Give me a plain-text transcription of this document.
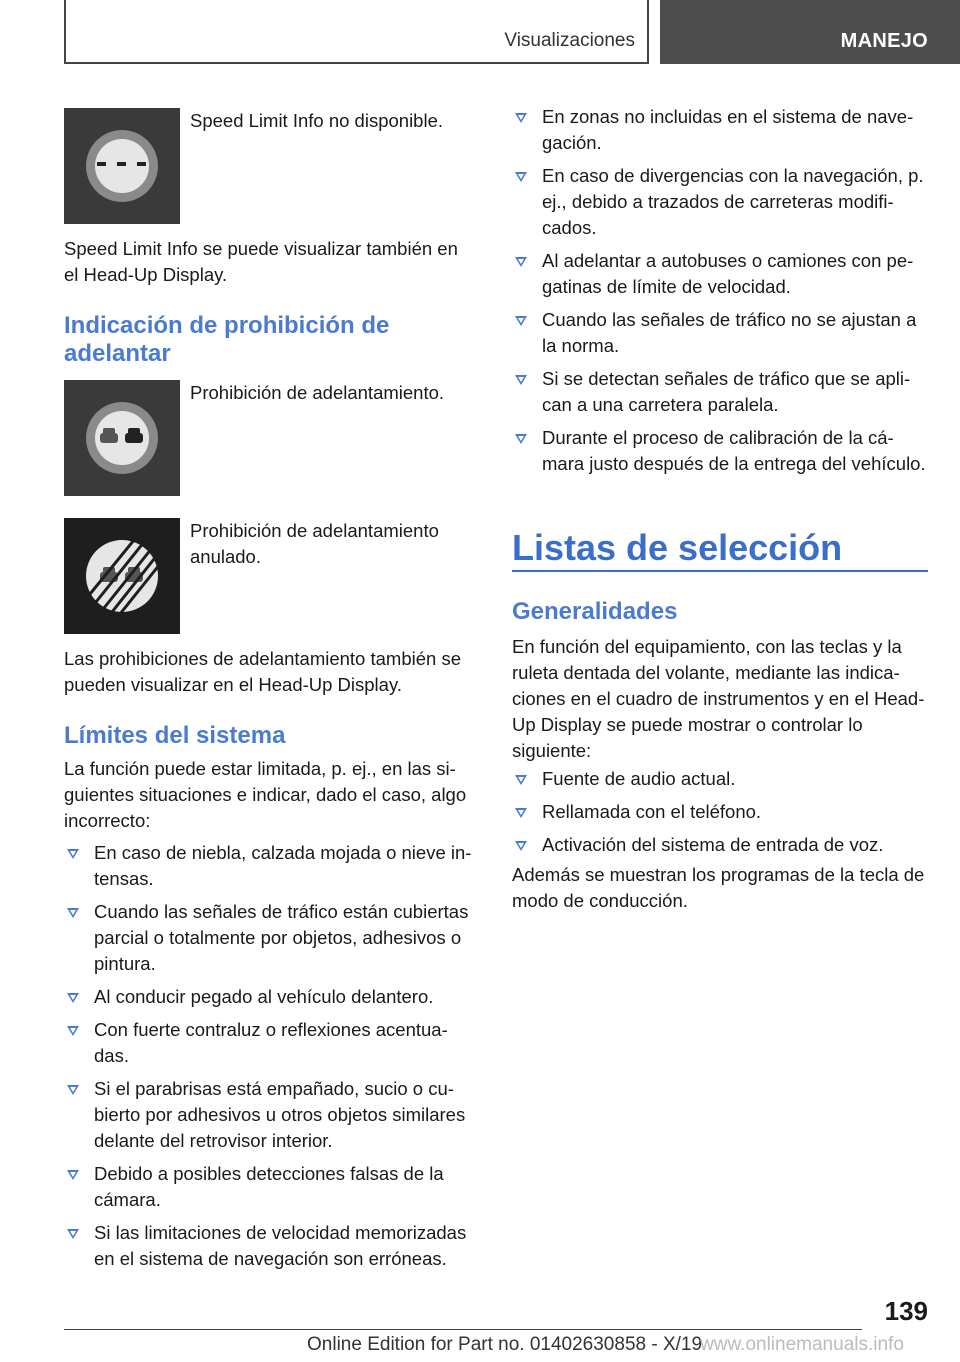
Visualizaciones	MANEJO
Speed Limit Info no disponible.

Speed Limit Info se puede visualizar también en el Head-Up Display.

Indicación de prohibición de adelantar
Prohibición de adelantamiento.
Prohibición de adelantamiento anulado.

Las prohibiciones de adelantamiento también se pueden visualizar en el Head-Up Display.

Límites del sistema

La función puede estar limitada, p. ej., en las siguientes situaciones e indicar, dado el caso, algo incorrecto:

En caso de niebla, calzada mojada o nieve intensas.
Cuando las señales de tráfico están cubiertas parcial o totalmente por objetos, adhesivos o pintura.
Al conducir pegado al vehículo delantero.
Con fuerte contraluz o reflexiones acentuadas.
Si el parabrisas está empañado, sucio o cubierto por adhesivos u otros objetos similares delante del retrovisor interior.
Debido a posibles detecciones falsas de la cámara.
Si las limitaciones de velocidad memorizadas en el sistema de navegación son erróneas.
En zonas no incluidas en el sistema de navegación.
En caso de divergencias con la navegación, p. ej., debido a trazados de carreteras modificados.
Al adelantar a autobuses o camiones con pegatinas de límite de velocidad.
Cuando las señales de tráfico no se ajustan a la norma.
Si se detectan señales de tráfico que se aplican a una carretera paralela.
Durante el proceso de calibración de la cámara justo después de la entrega del vehículo.
Listas de selección
Generalidades

En función del equipamiento, con las teclas y la ruleta dentada del volante, mediante las indicaciones en el cuadro de instrumentos y en el Head-Up Display se puede mostrar o controlar lo siguiente:

Fuente de audio actual.
Rellamada con el teléfono.
Activación del sistema de entrada de voz.

Además se muestran los programas de la tecla de modo de conducción.

139
Online Edition for Part no. 01402630858 - X/19www.onlinemanuals.info
